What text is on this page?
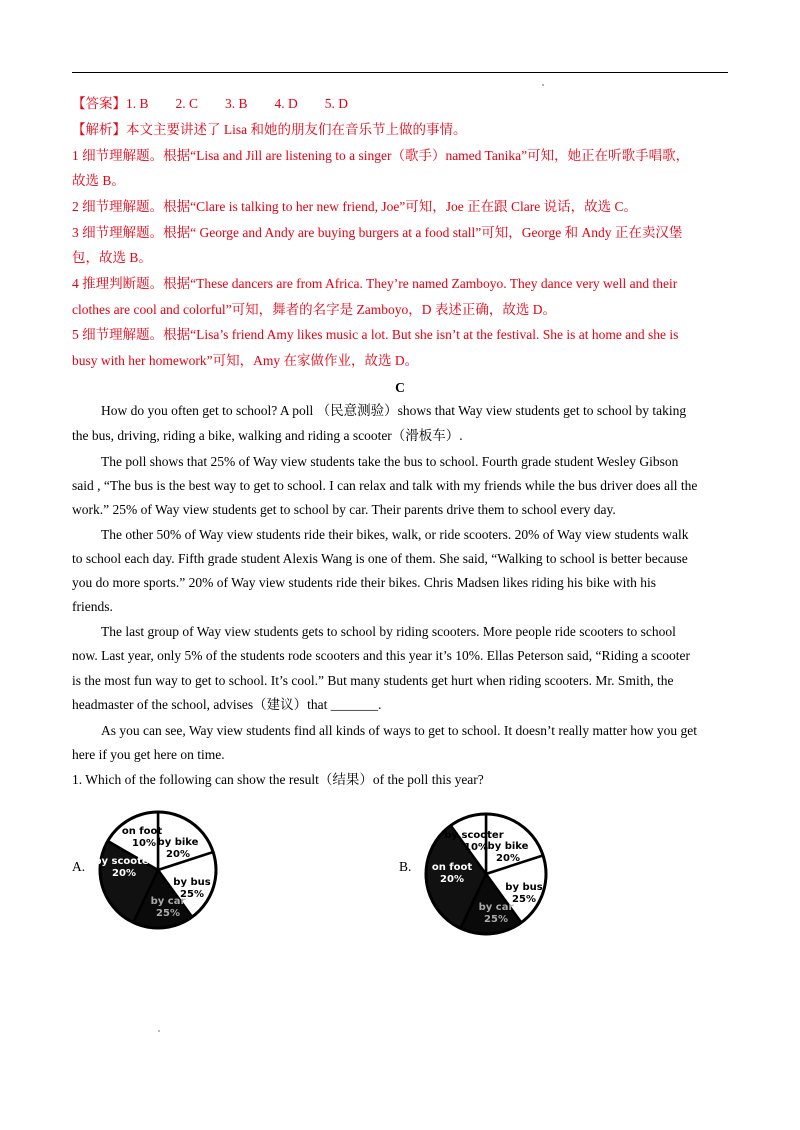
【答案】1. B 2. C 3. B 4. D 5. D
【解析】本文主要讲述了 Lisa 和她的朋友们在音乐节上做的事情。
1 细节理解题。根据“Lisa and Jill are listening to a singer（歌手）named Tanika”可知，她正在听歌手唱歌，
故选 B。
2 细节理解题。根据“Clare is talking to her new friend, Joe”可知，Joe 正在跟 Clare 说话，故选 C。
3 细节理解题。根据“ George and Andy are buying burgers at a food stall”可知，George 和 Andy 正在卖汉堡
包，故选 B。
4 推理判断题。根据“These dancers are from Africa. They’re named Zamboyo. They dance very well and their
clothes are cool and colorful”可知，舞者的名字是 Zamboyo，D 表述正确，故选 D。
5 细节理解题。根据“Lisa’s friend Amy likes music a lot. But she isn’t at the festival. She is at home and she is
busy with her homework”可知，Amy 在家做作业，故选 D。
C
How do you often get to school? A poll （民意测验）shows that Way view students get to school by taking
the bus, driving, riding a bike, walking and riding a scooter（滑板车）.
The poll shows that 25% of Way view students take the bus to school. Fourth grade student Wesley Gibson
said , “The bus is the best way to get to school. I can relax and talk with my friends while the bus driver does all the
work.” 25% of Way view students get to school by car. Their parents drive them to school every day.
The other 50% of Way view students ride their bikes, walk, or ride scooters. 20% of Way view students walk
to school each day. Fifth grade student Alexis Wang is one of them. She said, “Walking to school is better because
you do more sports.” 20% of Way view students ride their bikes. Chris Madsen likes riding his bike with his
friends.
The last group of Way view students gets to school by riding scooters. More people ride scooters to school
now. Last year, only 5% of the students rode scooters and this year it’s 10%. Ellas Peterson said, “Riding a scooter
is the most fun way to get to school. It’s cool.” But many students get hurt when riding scooters. Mr. Smith, the
headmaster of the school, advises（建议）that _______.
As you can see, Way view students find all kinds of ways to get to school. It doesn’t really matter how you get
here if you get here on time.
1. Which of the following can show the result（结果）of the poll this year?
A.
by bike
20%
by bus
25%
by car
25%
by scooter
20%
on foot
10%
B.
by bike
20%
by bus
25%
by car
25%
on foot
20%
by scooter
10%
